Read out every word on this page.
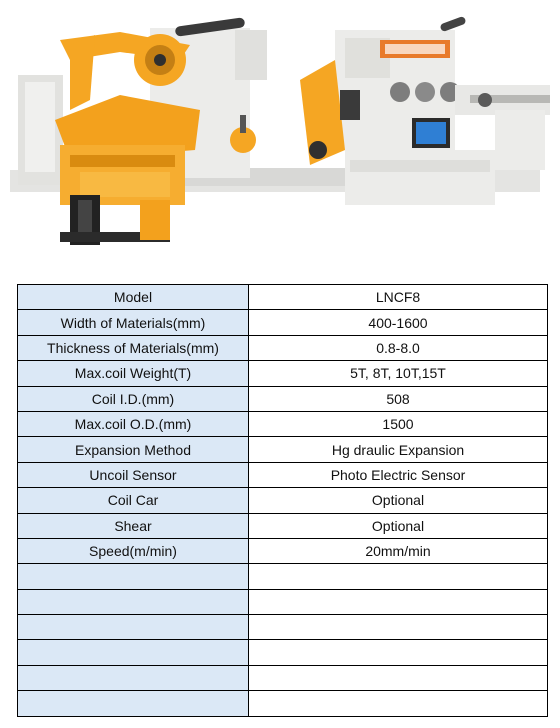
Model	LNCF8
Width of Materials(mm)	400-1600
Thickness of Materials(mm)	0.8-8.0
Max.coil Weight(T)	5T, 8T, 10T,15T
Coil I.D.(mm)	508
Max.coil O.D.(mm)	1500
Expansion Method	Hg draulic Expansion
Uncoil Sensor	Photo Electric Sensor
Coil Car	Optional
Shear	Optional
Speed(m/min)	20mm/min
